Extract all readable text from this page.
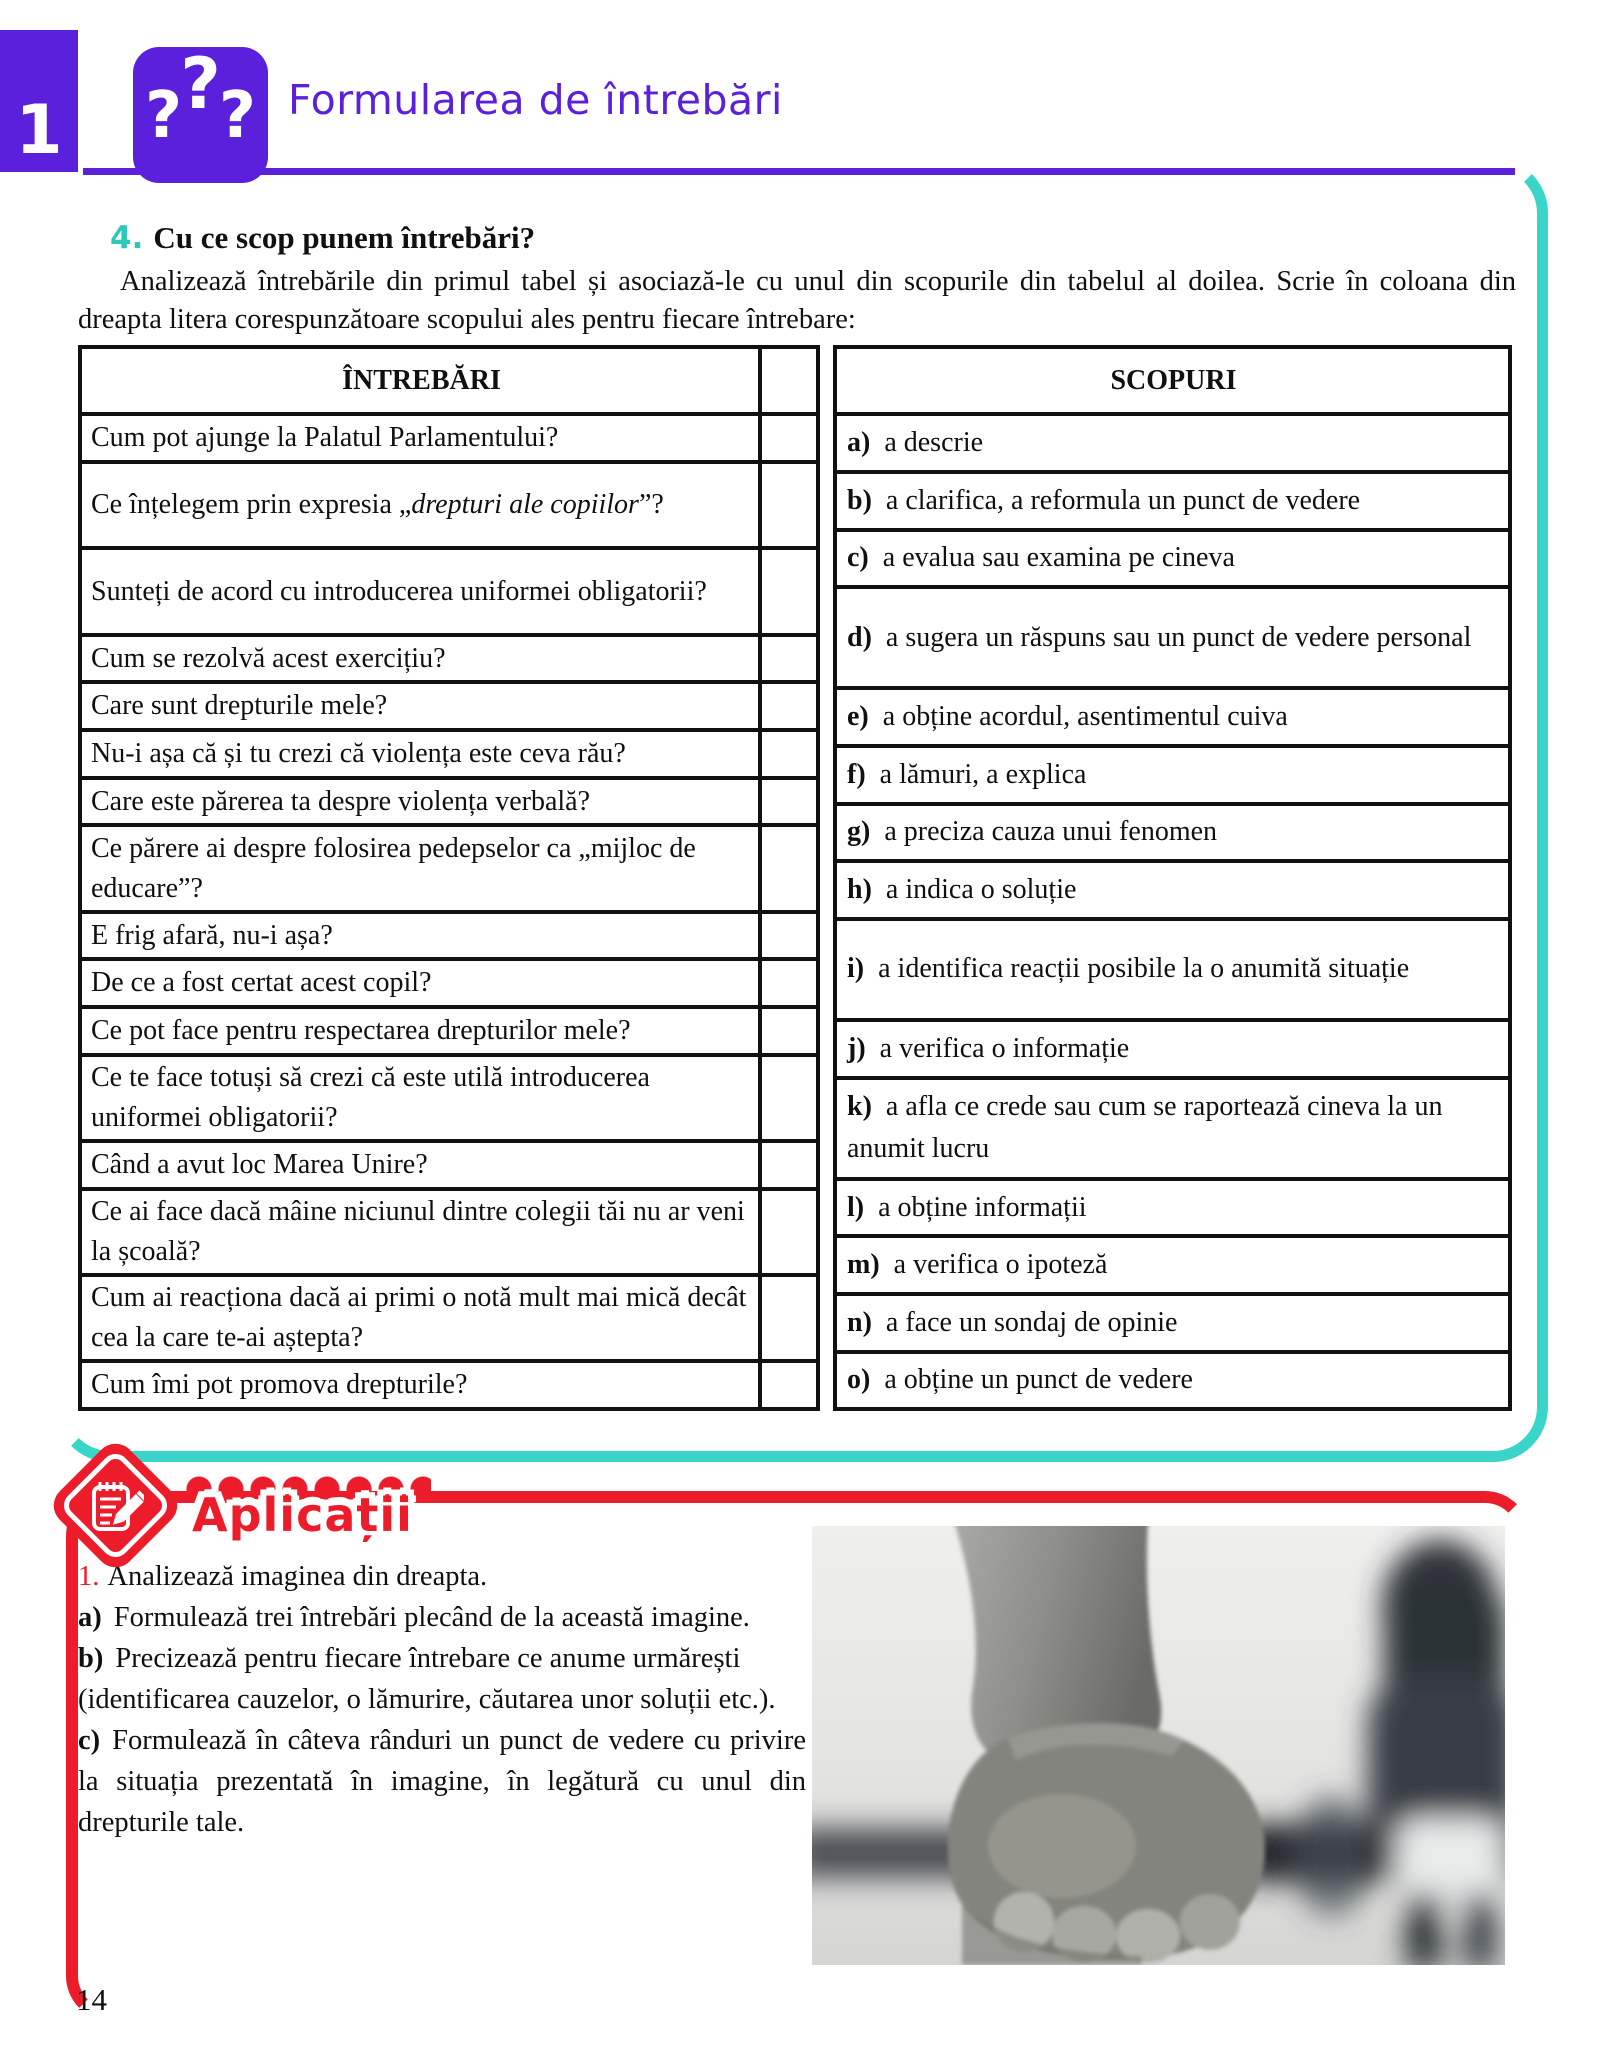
1
?
? ? Formularea de întrebări
4. Cu ce scop punem întrebări?

Analizează întrebările din primul tabel și asociază-le cu unul din scopurile din tabelul al doilea. Scrie în coloana din dreapta litera corespunzătoare scopului ales pentru fiecare întrebare:

ÎNTREBĂRI
Cum pot ajunge la Palatul Parlamentului?
Ce înțelegem prin expresia „drepturi ale copiilor”?
Sunteți de acord cu introducerea uniformei obligatorii?
Cum se rezolvă acest exercițiu?
Care sunt drepturile mele?
Nu-i așa că și tu crezi că violența este ceva rău?
Care este părerea ta despre violența verbală?
Ce părere ai despre folosirea pedepselor ca „mijloc de educare”?
E frig afară, nu-i așa?
De ce a fost certat acest copil?
Ce pot face pentru respectarea drepturilor mele?
Ce te face totuși să crezi că este utilă introducerea uniformei obligatorii?
Când a avut loc Marea Unire?
Ce ai face dacă mâine niciunul dintre colegii tăi nu ar veni la școală?
Cum ai reacționa dacă ai primi o notă mult mai mică decât cea la care te-ai aștepta?
Cum îmi pot promova drepturile?
SCOPURI
a) a descrie
b) a clarifica, a reformula un punct de vedere
c) a evalua sau examina pe cineva
d) a sugera un răspuns sau un punct de vedere personal
e) a obține acordul, asentimentul cuiva
f) a lămuri, a explica
g) a preciza cauza unui fenomen
h) a indica o soluție
i) a identifica reacții posibile la o anumită situație
j) a verifica o informație
k) a afla ce crede sau cum se raportează cineva la un anumit lucru
l) a obține informații
m) a verifica o ipoteză
n) a face un sondaj de opinie
o) a obține un punct de vedere
Aplicații

1. Analizează imaginea din dreapta.

a) Formulează trei întrebări plecând de la această imagine.

b) Precizează pentru fiecare întrebare ce anume urmărești (identificarea cauzelor, o lămurire, căutarea unor soluții etc.).

c) Formulează în câteva rânduri un punct de vedere cu privire la situația prezentată în imagine, în legătură cu unul din drepturile tale.

14
